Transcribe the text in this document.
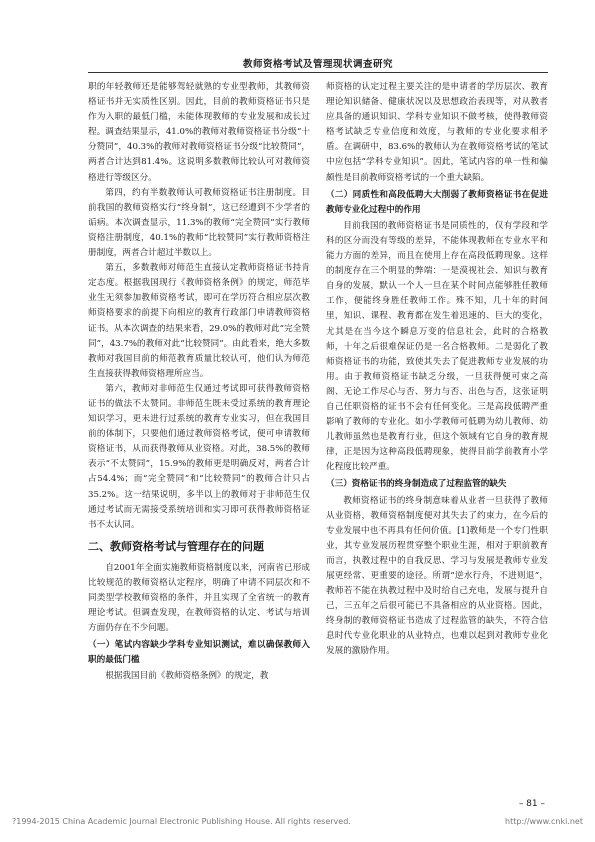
教师资格考试及管理现状调查研究

职的年轻教师还是能够驾轻就熟的专业型教师，其教师资格证书并无实质性区别。因此，目前的教师资格证书只是作为入职的最低门槛，未能体现教师的专业发展和成长过程。调查结果显示，41.0%的教师对教师资格证书分级“十分赞同”，40.3%的教师对教师资格证书分级“比较赞同”，两者合计达到81.4%。这说明多数教师比较认可对教师资格进行等级区分。

第四，约有半数教师认可教师资格证书注册制度。目前我国的教师资格实行“终身制”，这已经遭到不少学者的诟病。本次调查显示，11.3%的教师“完全赞同”实行教师资格注册制度，40.1%的教师“比较赞同”实行教师资格注册制度，两者合计超过半数以上。

第五，多数教师对师范生直接认定教师资格证书持肯定态度。根据我国现行《教师资格条例》的规定，师范毕业生无须参加教师资格考试，即可在学历符合相应层次教师资格要求的前提下向相应的教育行政部门申请教师资格证书。从本次调查的结果来看，29.0%的教师对此“完全赞同”，43.7%的教师对此“比较赞同”。由此看来，绝大多数教师对我国目前的师范教育质量比较认可，他们认为师范生直接获得教师资格理所应当。

第六，教师对非师范生仅通过考试即可获得教师资格证书的做法不太赞同。非师范生既未受过系统的教育理论知识学习，更未进行过系统的教育专业实习，但在我国目前的体制下，只要他们通过教师资格考试，便可申请教师资格证书，从而获得教师从业资格。对此，38.5%的教师表示“不太赞同”，15.9%的教师更是明确反对，两者合计占54.4%；而“完全赞同”和“比较赞同”的教师合计只占35.2%。这一结果说明，多半以上的教师对于非师范生仅通过考试而无需接受系统培训和实习即可获得教师资格证书不太认同。

二、教师资格考试与管理存在的问题

自2001年全面实施教师资格制度以来，河南省已形成比较规范的教师资格认定程序，明确了申请不同层次和不同类型学校教师资格的条件，并且实现了全省统一的教育理论考试。但调查发现，在教师资格的认定、考试与培训方面仍存在不少问题。

（一）笔试内容缺少学科专业知识测试，难以确保教师入职的最低门槛

根据我国目前《教师资格条例》的规定，教

师资格的认定过程主要关注的是申请者的学历层次、教育理论知识储备、健康状况以及思想政治表现等，对从教者应具备的通识知识、学科专业知识不做考核，使得教师资格考试缺乏专业信度和效度，与教师的专业化要求相矛盾。在调研中，83.6%的教师认为在教师资格考试的笔试中应包括“学科专业知识”。因此，笔试内容的单一性和偏颇性是目前教师资格考试的一个重大缺陷。

（二）同质性和高段低聘大大削弱了教师资格证书在促进教师专业化过程中的作用

目前我国的教师资格证书是同质性的，仅有学段和学科的区分而没有等级的差异，不能体现教师在专业水平和能力方面的差异，而且在使用上存在高段低聘现象。这样的制度存在三个明显的弊端：一是漠视社会、知识与教育自身的发展，默认一个人一旦在某个时间点能够胜任教师工作，便能终身胜任教师工作。殊不知，几十年的时间里，知识、课程、教育都在发生着迅速的、巨大的变化，尤其是在当今这个瞬息万变的信息社会，此时的合格教师，十年之后很难保证仍是一名合格教师。二是弱化了教师资格证书的功能，致使其失去了促进教师专业发展的功用。由于教师资格证书缺乏分级，一旦获得便可束之高阁、无论工作尽心与否、努力与否、出色与否，这张证明自己任职资格的证书不会有任何变化。三是高段低聘严重影响了教师的专业化。如小学教师可低聘为幼儿教师、幼儿教师虽然也是教育行业，但这个领域有它自身的教育规律，正是因为这种高段低聘现象，使得目前学前教育小学化程度比较严重。

（三）资格证书的终身制造成了过程监管的缺失

教师资格证书的终身制意味着从业者一旦获得了教师从业资格，教师资格制度便对其失去了约束力，在今后的专业发展中也不再具有任何价值。[1]教师是一个专门性职业，其专业发展历程贯穿整个职业生涯，相对于职前教育而言，执教过程中的自我反思、学习与发展是教师专业发展更经常、更重要的途径。所谓“逆水行舟，不进则退”，教师若不能在执教过程中及时给自己充电，发展与提升自己，三五年之后很可能已不具备相应的从业资格。因此，终身制的教师资格证书造成了过程监管的缺失，不符合信息时代专业化职业的从业特点，也难以起到对教师专业化发展的激励作用。

– 81 –
?1994-2015 China Academic Journal Electronic Publishing House. All rights reserved.	http://www.cnki.net
